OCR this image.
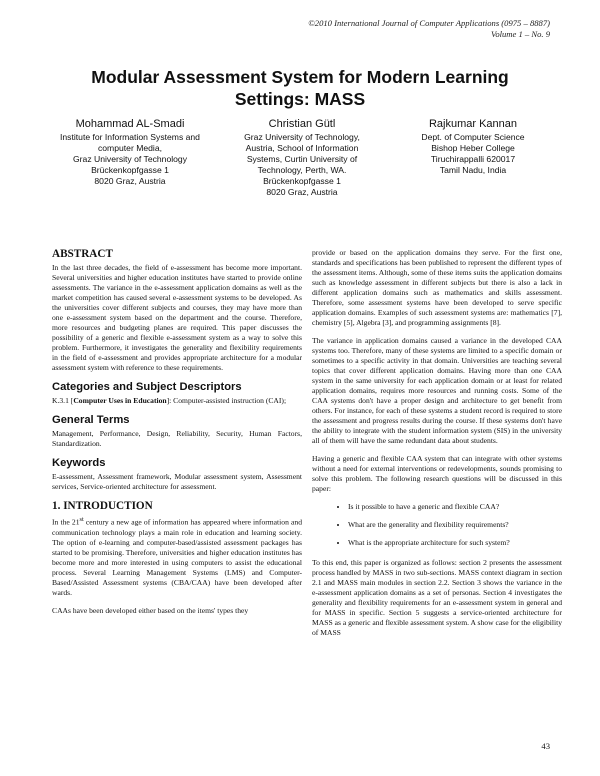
©2010 International Journal of Computer Applications (0975 – 8887)
Volume 1 – No. 9
Modular Assessment System for Modern Learning
Settings: MASS
Mohammad AL-Smadi
Institute for Information Systems and
computer Media,
Graz University of Technology
Brückenkopfgasse 1
8020 Graz, Austria
Christian Gütl
Graz University of Technology,
Austria, School of Information
Systems, Curtin University of
Technology, Perth, WA.
Brückenkopfgasse 1
8020 Graz, Austria
Rajkumar Kannan
Dept. of Computer Science
Bishop Heber College
Tiruchirappalli 620017
Tamil Nadu, India
ABSTRACT

In the last three decades, the field of e-assessment has become more important. Several universities and higher education institutes have started to provide online assessments. The variance in the e-assessment application domains as well as the market competition has caused several e-assessment systems to be developed. As the universities cover different subjects and courses, they may have more than one e-assessment system based on the department and the course. Therefore, more resources and budgeting planes are required. This paper discusses the possibility of a generic and flexible e-assessment system as a way to solve this problem. Furthermore, it investigates the generality and flexibility requirements in the field of e-assessment and provides appropriate architecture for a modular assessment system with reference to these requirements.

Categories and Subject Descriptors

K.3.1 [Computer Uses in Education]: Computer-assisted instruction (CAI);

General Terms

Management, Performance, Design, Reliability, Security, Human Factors, Standardization.

Keywords

E-assessment, Assessment framework, Modular assessment system, Assessment services, Service-oriented architecture for assessment.

1. INTRODUCTION

In the 21st century a new age of information has appeared where information and communication technology plays a main role in education and learning society. The option of e-learning and computer-based/assisted assessment packages has started to be promising. Therefore, universities and higher education institutes has become more and more interested in using computers to assist the educational process. Several Learning Management Systems (LMS) and Computer-Based/Assisted Assessment systems (CBA/CAA) have been developed after wards.

CAAs have been developed either based on the items' types they

provide or based on the application domains they serve. For the first one, standards and specifications has been published to represent the different types of the assessment items. Although, some of these items suits the application domains such as knowledge assessment in different subjects but there is also a lack in different application domains such as mathematics and skills assessment. Therefore, some assessment systems have been developed to serve specific application domains. Examples of such assessment systems are: mathematics [7], chemistry [5], Algebra [3], and programming assignments [8].

The variance in application domains caused a variance in the developed CAA systems too. Therefore, many of these systems are limited to a specific domain or sometimes to a specific activity in that domain. Universities are teaching several topics that cover different application domains. Having more than one CAA system in the same university for each application domain or at least for related application domains, requires more resources and running costs. Some of the CAA systems don't have a proper design and architecture to get benefit from others. For instance, for each of these systems a student record is required to store the assessment and progress results during the course. If these systems don't have the ability to integrate with the student information system (SIS) in the university all of them will have the same redundant data about students.

Having a generic and flexible CAA system that can integrate with other systems without a need for external interventions or redevelopments, sounds promising to solve this problem. The following research questions will be discussed in this paper:

• Is it possible to have a generic and flexible CAA?
• What are the generality and flexibility requirements?
• What is the appropriate architecture for such system?

To this end, this paper is organized as follows: section 2 presents the assessment process handled by MASS in two sub-sections. MASS context diagram in section 2.1 and MASS main modules in section 2.2. Section 3 shows the variance in the e-assessment application domains as a set of personas. Section 4 investigates the generality and flexibility requirements for an e-assessment system in general and for MASS in specific. Section 5 suggests a service-oriented architecture for MASS as a generic and flexible assessment system. A show case for the eligibility of MASS

43
